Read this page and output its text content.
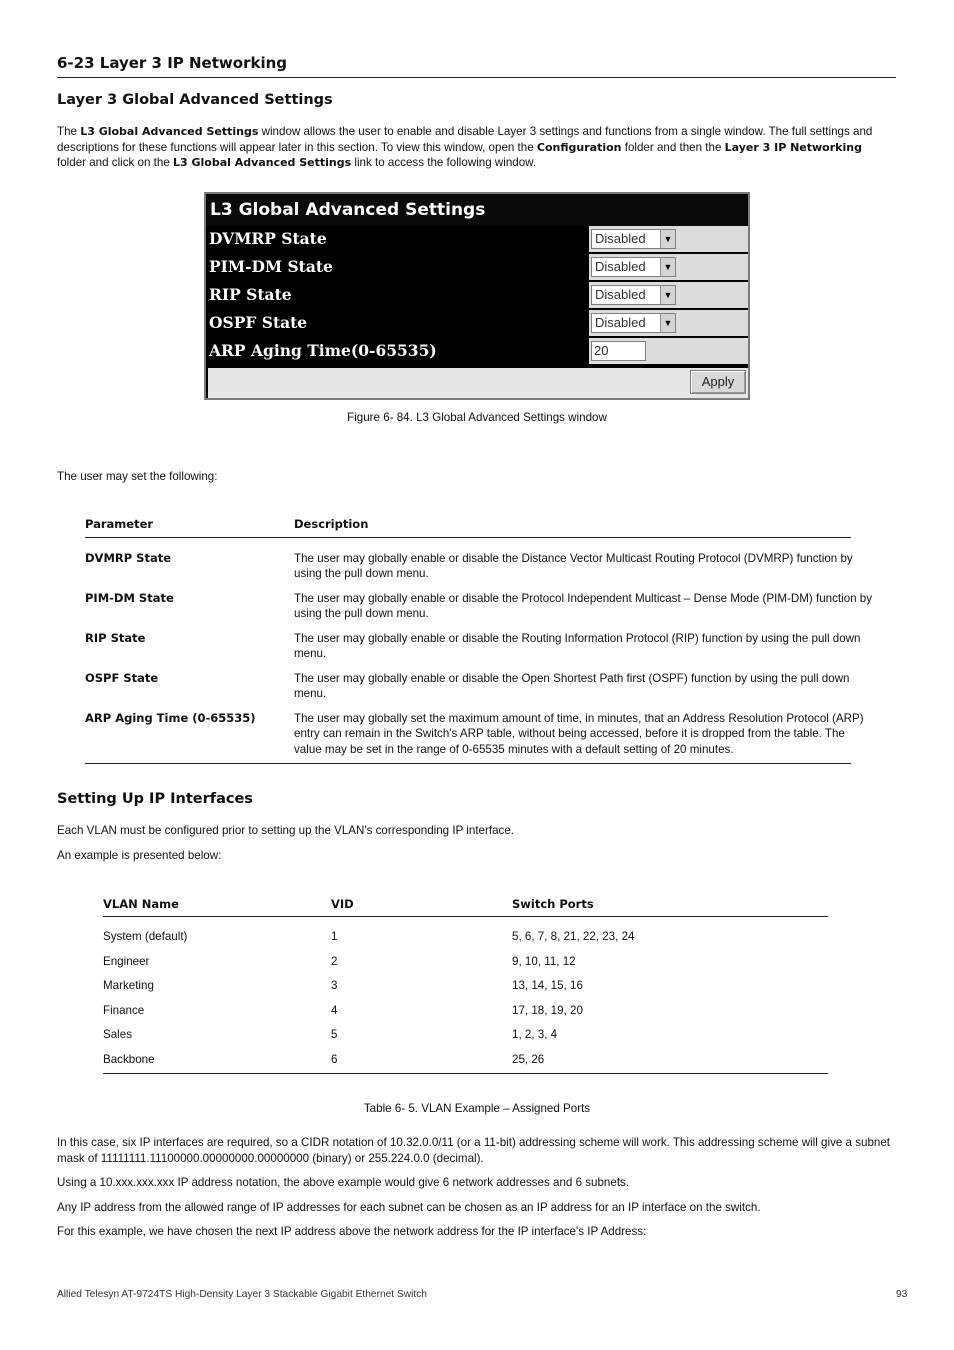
6-23 Layer 3 IP Networking
Layer 3 Global Advanced Settings
The L3 Global Advanced Settings window allows the user to enable and disable Layer 3 settings and functions from a single window. The full settings and
descriptions for these functions will appear later in this section. To view this window, open the Configuration folder and then the Layer 3 IP Networking
folder and click on the L3 Global Advanced Settings link to access the following window.
L3 Global Advanced Settings
DVMRP State	Disabled	▼
PIM-DM State	Disabled	▼
RIP State	Disabled	▼
OSPF State	Disabled	▼
ARP Aging Time(0-65535)	20
Apply
Figure 6- 84. L3 Global Advanced Settings window
The user may set the following:
Parameter	Description
DVMRP State	The user may globally enable or disable the Distance Vector Multicast Routing Protocol (DVMRP) function by using the pull down menu.
PIM-DM State	The user may globally enable or disable the Protocol Independent Multicast – Dense Mode (PIM-DM) function by using the pull down menu.
RIP State	The user may globally enable or disable the Routing Information Protocol (RIP) function by using the pull down menu.
OSPF State	The user may globally enable or disable the Open Shortest Path first (OSPF) function by using the pull down menu.
ARP Aging Time (0-65535)	The user may globally set the maximum amount of time, in minutes, that an Address Resolution Protocol (ARP) entry can remain in the Switch's ARP table, without being accessed, before it is dropped from the table. The value may be set in the range of 0-65535 minutes with a default setting of 20 minutes.
Setting Up IP Interfaces
Each VLAN must be configured prior to setting up the VLAN's corresponding IP interface.
An example is presented below:
VLAN Name	VID	Switch Ports
System (default)	1	5, 6, 7, 8, 21, 22, 23, 24
Engineer	2	9, 10, 11, 12
Marketing	3	13, 14, 15, 16
Finance	4	17, 18, 19, 20
Sales	5	1, 2, 3, 4
Backbone	6	25, 26
Table 6- 5. VLAN Example – Assigned Ports
In this case, six IP interfaces are required, so a CIDR notation of 10.32.0.0/11 (or a 11-bit) addressing scheme will work. This addressing scheme will give a subnet
mask of 11111111.11100000.00000000.00000000 (binary) or 255.224.0.0 (decimal).
Using a 10.xxx.xxx.xxx IP address notation, the above example would give 6 network addresses and 6 subnets.
Any IP address from the allowed range of IP addresses for each subnet can be chosen as an IP address for an IP interface on the switch.
For this example, we have chosen the next IP address above the network address for the IP interface's IP Address:
Allied Telesyn AT-9724TS High-Density Layer 3 Stackable Gigabit Ethernet Switch	93
